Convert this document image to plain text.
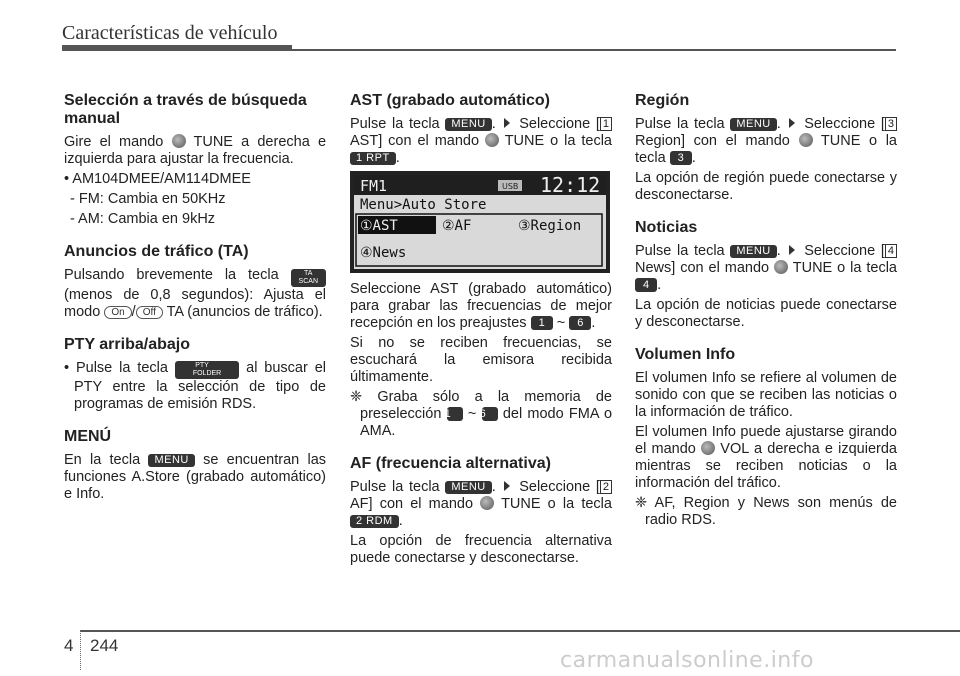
Características de vehículo
Selección a través de búsqueda manual

Gire el mando TUNE a derecha e izquierda para ajustar la frecuencia.

• AM104DMEE/AM114DMEE

- FM: Cambia en 50KHz

- AM: Cambia en 9kHz

Anuncios de tráfico (TA)

Pulsando brevemente la tecla	TA
SCAN (menos de 0,8 segundos): Ajusta el modo On / Off TA (anuncios de tráfico).

PTY arriba/abajo

• Pulse la tecla	PTY
FOLDER al buscar el PTY entre la selección de tipo de programas de emisión RDS.

MENÚ

En la tecla MENU se encuentran las funciones A.Store (grabado automático) e Info.

AST (grabado automático)

Pulse la tecla MENU .  Seleccione [ 1 AST] con el mando TUNE o la tecla 1 RPT .

FM1	USB 12:12
Menu>Auto Store
①AST	②AF	③Region
④News

Seleccione AST (grabado automático) para grabar las frecuencias de mejor recepción en los preajustes 1 ~ 6 .

Si no se reciben frecuencias, se escuchará la emisora recibida últimamente.

❈ Graba sólo a la memoria de preselección 1 ~ 6 del modo FMA o AMA.

AF (frecuencia alternativa)

Pulse la tecla MENU .  Seleccione [ 2 AF] con el mando TUNE o la tecla 2 RDM .

La opción de frecuencia alternativa puede conectarse y desconectarse.

Región

Pulse la tecla MENU .  Seleccione [ 3 Region] con el mando TUNE o la tecla 3 .

La opción de región puede conectarse y desconectarse.

Noticias

Pulse la tecla MENU .  Seleccione [ 4 News] con el mando TUNE o la tecla 4 .

La opción de noticias puede conectarse y desconectarse.

Volumen Info

El volumen Info se refiere al volumen de sonido con que se reciben las noticias o la información de tráfico.

El volumen Info puede ajustarse girando el mando VOL a derecha e izquierda mientras se reciben noticias o la información del tráfico.

❈ AF, Region y News son menús de radio RDS.

4 244
carmanualsonline.info
